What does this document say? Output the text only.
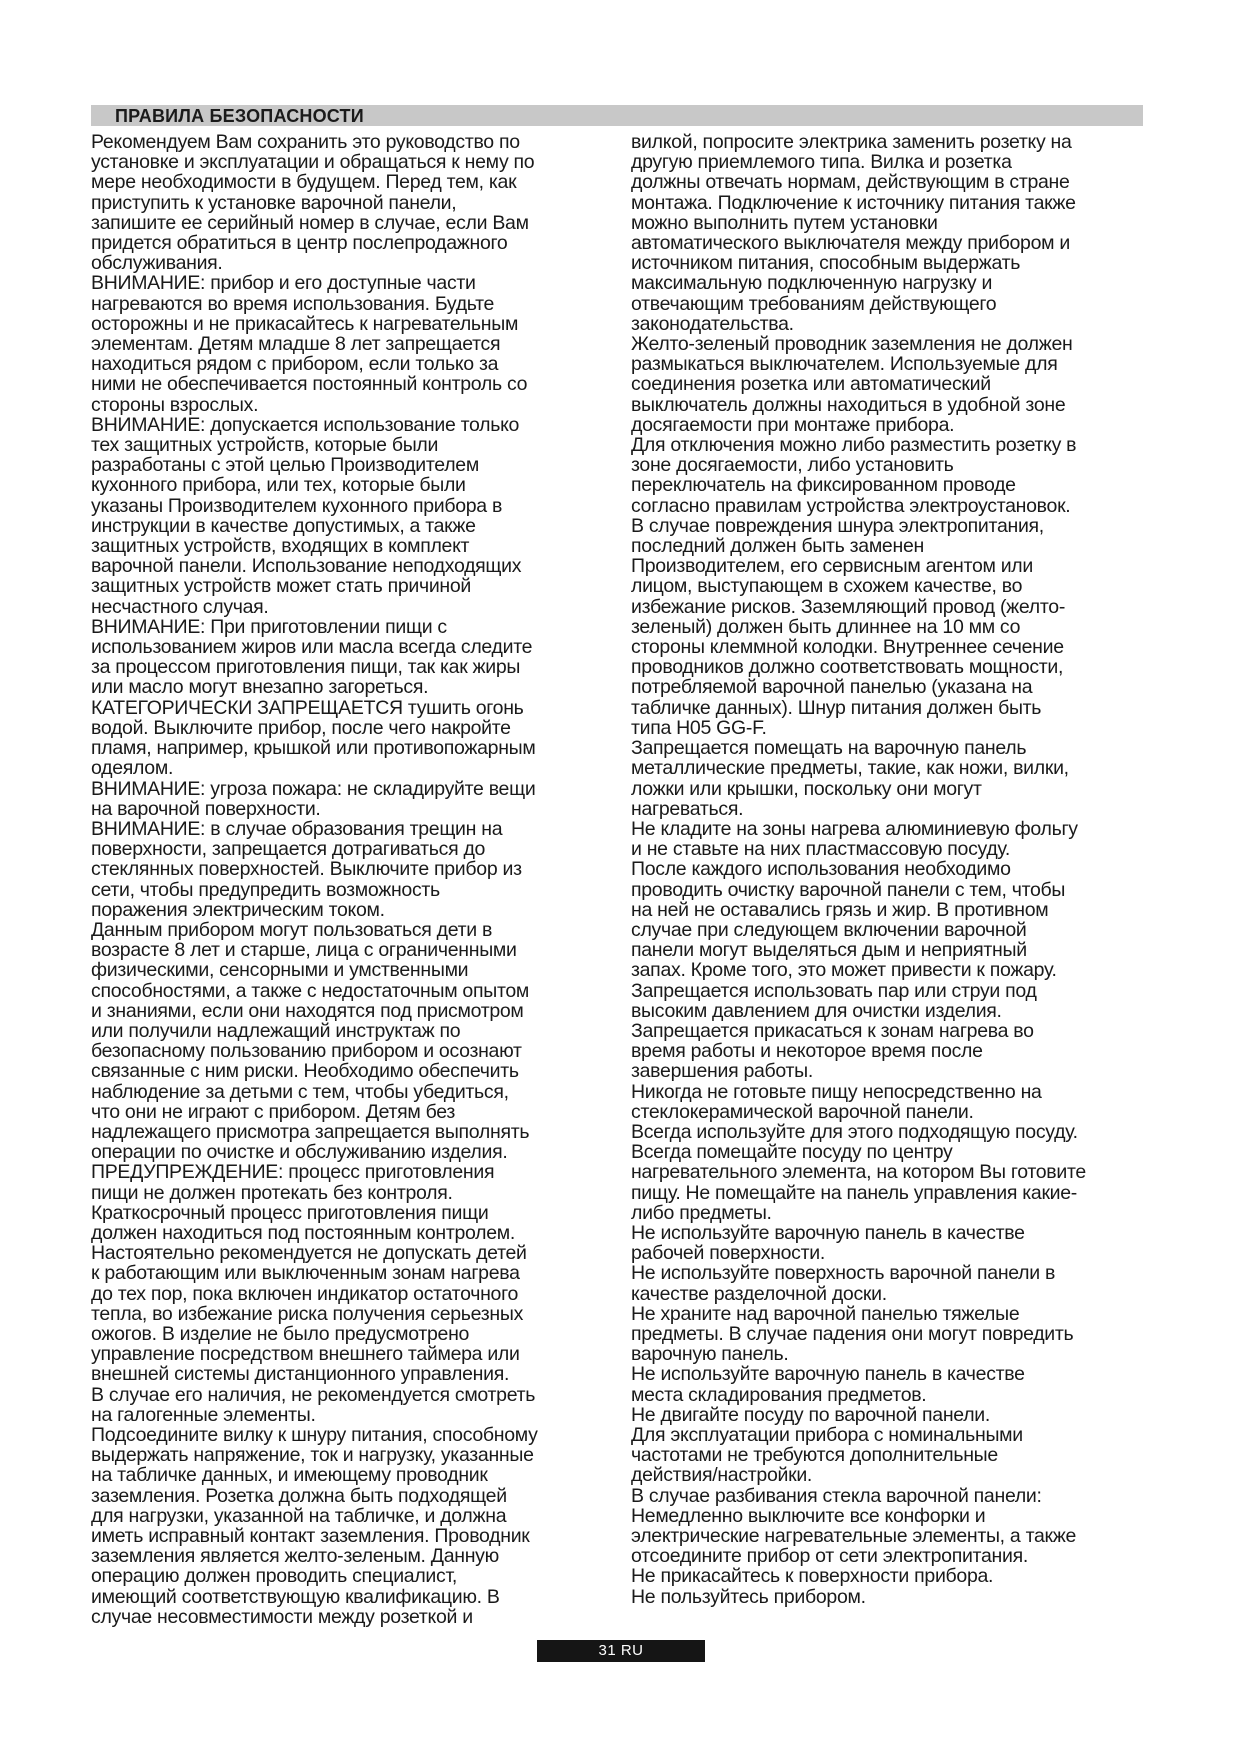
ПРАВИЛА БЕЗОПАСНОСТИ

Рекомендуем Вам сохранить это руководство по

установке и эксплуатации и обращаться к нему по

мере необходимости в будущем. Перед тем, как

приступить к установке варочной панели,

запишите ее серийный номер в случае, если Вам

придется обратиться в центр послепродажного

обслуживания.

ВНИМАНИЕ: прибор и его доступные части

нагреваются во время использования. Будьте

осторожны и не прикасайтесь к нагревательным

элементам. Детям младше 8 лет запрещается

находиться рядом с прибором, если только за

ними не обеспечивается постоянный контроль со

стороны взрослых.

ВНИМАНИЕ: допускается использование только

тех защитных устройств, которые были

разработаны с этой целью Производителем

кухонного прибора, или тех, которые были

указаны Производителем кухонного прибора в

инструкции в качестве допустимых, а также

защитных устройств, входящих в комплект

варочной панели. Использование неподходящих

защитных устройств может стать причиной

несчастного случая.

ВНИМАНИЕ: При приготовлении пищи с

использованием жиров или масла всегда следите

за процессом приготовления пищи, так как жиры

или масло могут внезапно загореться.

КАТЕГОРИЧЕСКИ ЗАПРЕЩАЕТСЯ тушить огонь

водой. Выключите прибор, после чего накройте

пламя, например, крышкой или противопожарным

одеялом.

ВНИМАНИЕ: угроза пожара: не складируйте вещи

на варочной поверхности.

ВНИМАНИЕ: в случае образования трещин на

поверхности, запрещается дотрагиваться до

стеклянных поверхностей. Выключите прибор из

сети, чтобы предупредить возможность

поражения электрическим током.

Данным прибором могут пользоваться дети в

возрасте 8 лет и старше, лица с ограниченными

физическими, сенсорными и умственными

способностями, а также с недостаточным опытом

и знаниями, если они находятся под присмотром

или получили надлежащий инструктаж по

безопасному пользованию прибором и осознают

связанные с ним риски. Необходимо обеспечить

наблюдение за детьми с тем, чтобы убедиться,

что они не играют с прибором. Детям без

надлежащего присмотра запрещается выполнять

операции по очистке и обслуживанию изделия.

ПРЕДУПРЕЖДЕНИЕ: процесс приготовления

пищи не должен протекать без контроля.

Краткосрочный процесс приготовления пищи

должен находиться под постоянным контролем.

Настоятельно рекомендуется не допускать детей

к работающим или выключенным зонам нагрева

до тех пор, пока включен индикатор остаточного

тепла, во избежание риска получения серьезных

ожогов. В изделие не было предусмотрено

управление посредством внешнего таймера или

внешней системы дистанционного управления.

В случае его наличия, не рекомендуется смотреть

на галогенные элементы.

Подсоедините вилку к шнуру питания, способному

выдержать напряжение, ток и нагрузку, указанные

на табличке данных, и имеющему проводник

заземления. Розетка должна быть подходящей

для нагрузки, указанной на табличке, и должна

иметь исправный контакт заземления. Проводник

заземления является желто-зеленым. Данную

операцию должен проводить специалист,

имеющий соответствующую квалификацию. В

случае несовместимости между розеткой и

вилкой, попросите электрика заменить розетку на

другую приемлемого типа. Вилка и розетка

должны отвечать нормам, действующим в стране

монтажа. Подключение к источнику питания также

можно выполнить путем установки

автоматического выключателя между прибором и

источником питания, способным выдержать

максимальную подключенную нагрузку и

отвечающим требованиям действующего

законодательства.

Желто-зеленый проводник заземления не должен

размыкаться выключателем. Используемые для

соединения розетка или автоматический

выключатель должны находиться в удобной зоне

досягаемости при монтаже прибора.

Для отключения можно либо разместить розетку в

зоне досягаемости, либо установить

переключатель на фиксированном проводе

согласно правилам устройства электроустановок.

В случае повреждения шнура электропитания,

последний должен быть заменен

Производителем, его сервисным агентом или

лицом, выступающем в схожем качестве, во

избежание рисков. Заземляющий провод (желто-

зеленый) должен быть длиннее на 10 мм со

стороны клеммной колодки. Внутреннее сечение

проводников должно соответствовать мощности,

потребляемой варочной панелью (указана на

табличке данных). Шнур питания должен быть

типа H05 GG-F.

Запрещается помещать на варочную панель

металлические предметы, такие, как ножи, вилки,

ложки или крышки, поскольку они могут

нагреваться.

Не кладите на зоны нагрева алюминиевую фольгу

и не ставьте на них пластмассовую посуду.

После каждого использования необходимо

проводить очистку варочной панели с тем, чтобы

на ней не оставались грязь и жир. В противном

случае при следующем включении варочной

панели могут выделяться дым и неприятный

запах. Кроме того, это может привести к пожару.

Запрещается использовать пар или струи под

высоким давлением для очистки изделия.

Запрещается прикасаться к зонам нагрева во

время работы и некоторое время после

завершения работы.

Никогда не готовьте пищу непосредственно на

стеклокерамической варочной панели.

Всегда используйте для этого подходящую посуду.

Всегда помещайте посуду по центру

нагревательного элемента, на котором Вы готовите

пищу. Не помещайте на панель управления какие-

либо предметы.

Не используйте варочную панель в качестве

рабочей поверхности.

Не используйте поверхность варочной панели в

качестве разделочной доски.

Не храните над варочной панелью тяжелые

предметы. В случае падения они могут повредить

варочную панель.

Не используйте варочную панель в качестве

места складирования предметов.

Не двигайте посуду по варочной панели.

Для эксплуатации прибора с номинальными

частотами не требуются дополнительные

действия/настройки.

В случае разбивания стекла варочной панели:

Немедленно выключите все конфорки и

электрические нагревательные элементы, а также

отсоедините прибор от сети электропитания.

Не прикасайтесь к поверхности прибора.

Не пользуйтесь прибором.

31 RU
